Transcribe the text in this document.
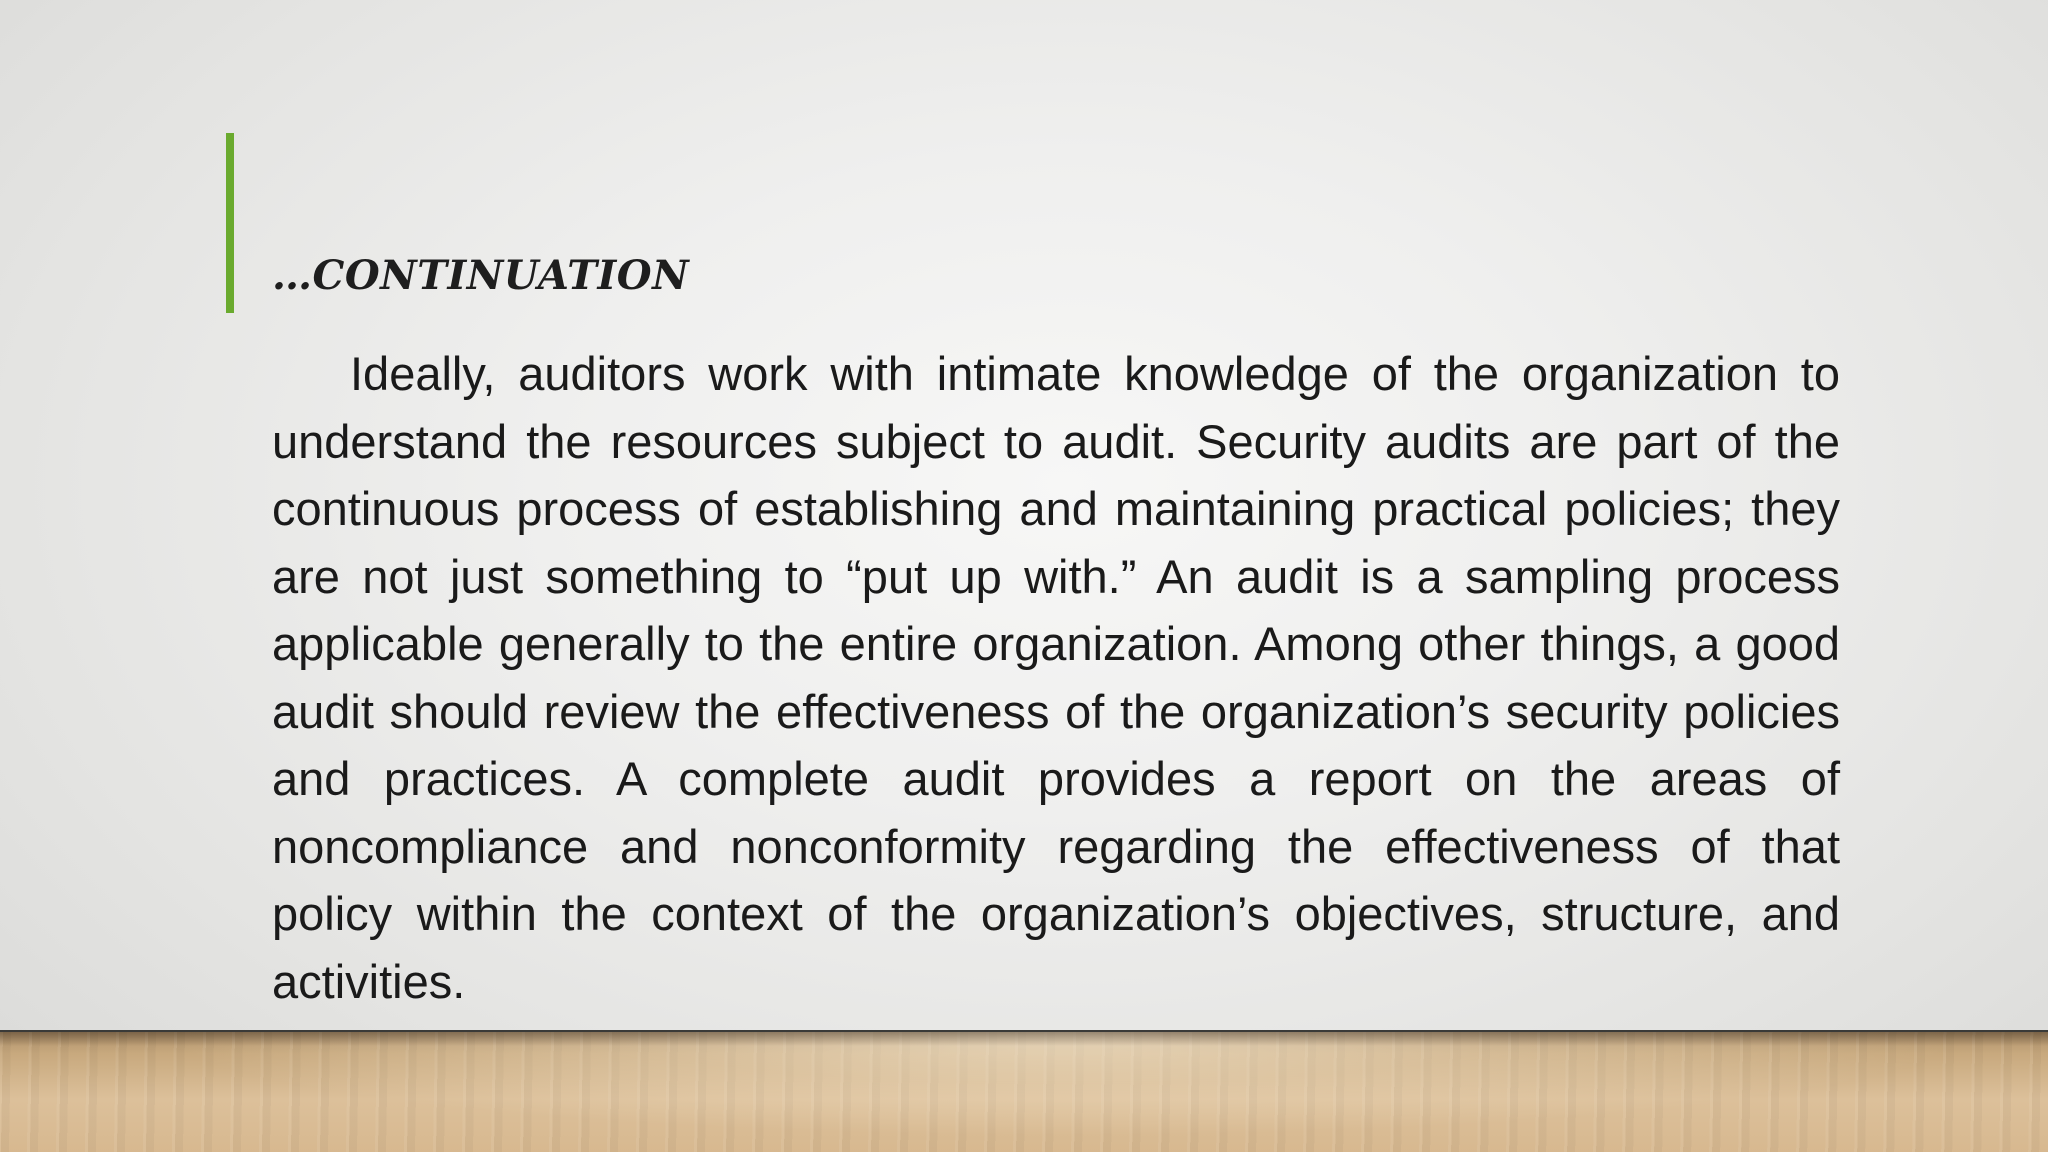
…CONTINUATION

Ideally, auditors work with intimate knowledge of the organization to understand the resources subject to audit. Security audits are part of the continuous process of establishing and maintaining practical policies; they are not just something to “put up with.” An audit is a sampling process applicable generally to the entire organization. Among other things, a good audit should review the effectiveness of the organization’s security policies and practices. A complete audit provides a report on the areas of noncompliance and nonconformity regarding the effectiveness of that policy within the context of the organization’s objectives, structure, and activities.
